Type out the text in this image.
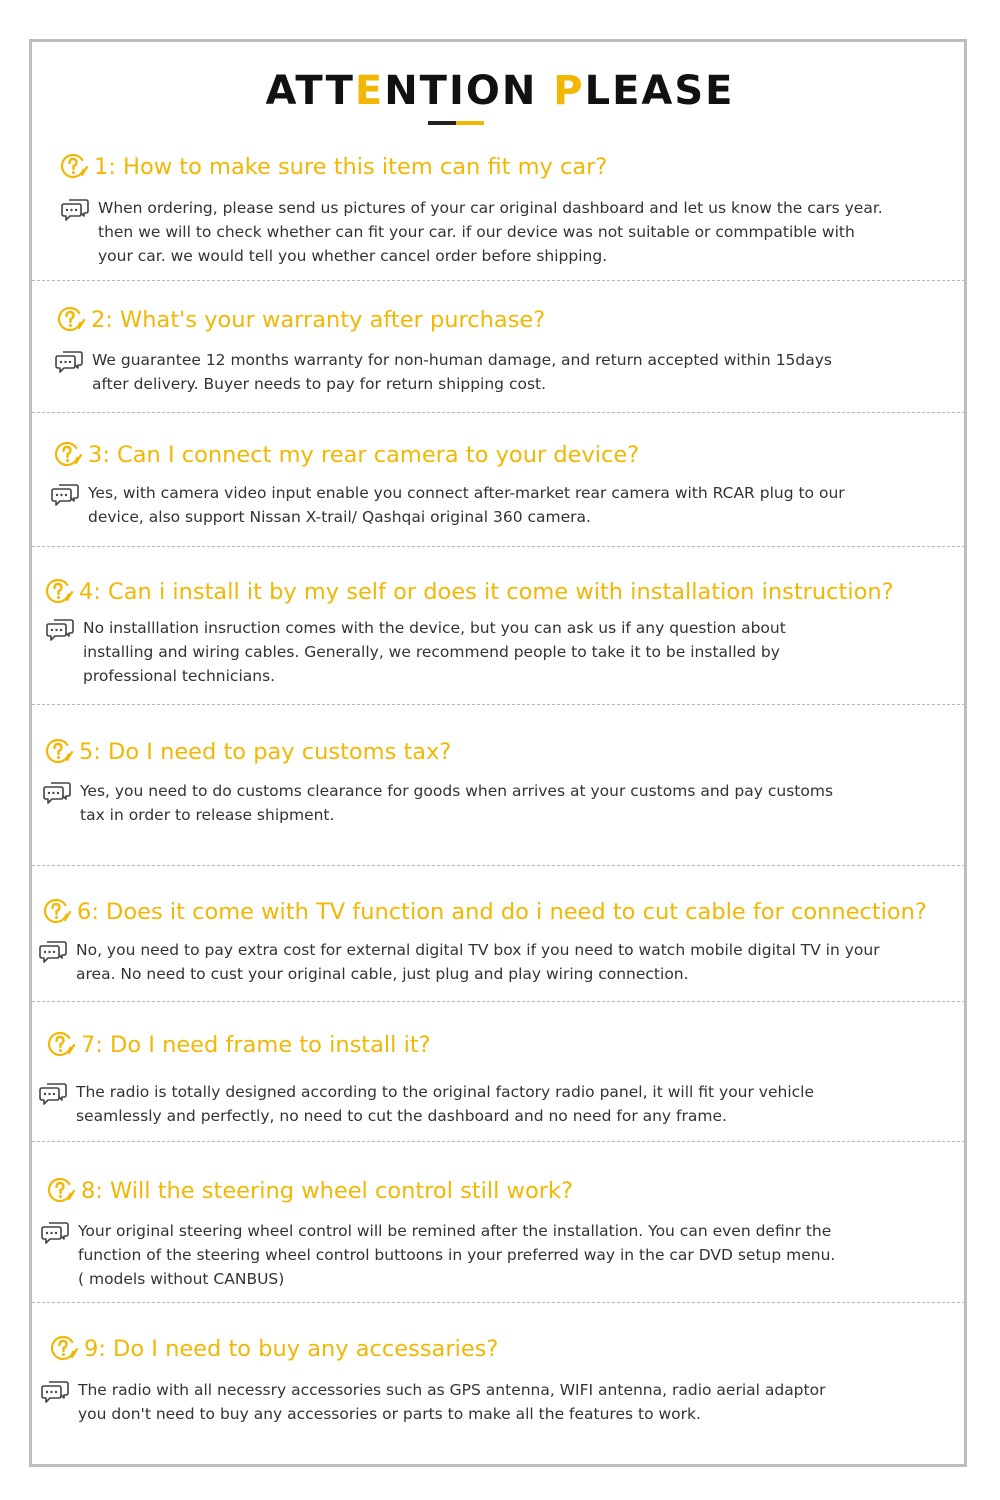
ATTENTION PLEASE
1: How to make sure this item can fit my car?
When ordering, please send us pictures of your car original dashboard and let us know the cars year.
then we will to check whether can fit your car. if our device was not suitable or commpatible with
your car. we would tell you whether cancel order before shipping.
2: What's your warranty after purchase?
We guarantee 12 months warranty for non-human damage, and return accepted within 15days
after delivery. Buyer needs to pay for return shipping cost.
3: Can I connect my rear camera to your device?
Yes, with camera video input enable you connect after-market rear camera with RCAR plug to our
device, also support Nissan X-trail/ Qashqai original 360 camera.
4: Can i install it by my self or does it come with installation instruction?
No installlation insruction comes with the device, but you can ask us if any question about
installing and wiring cables. Generally, we recommend people to take it to be installed by
professional technicians.
5: Do I need to pay customs tax?
Yes, you need to do customs clearance for goods when arrives at your customs and pay customs
tax in order to release shipment.
6: Does it come with TV function and do i need to cut cable for connection?
No, you need to pay extra cost for external digital TV box if you need to watch mobile digital TV in your
area. No need to cust your original cable, just plug and play wiring connection.
7: Do I need frame to install it?
The radio is totally designed according to the original factory radio panel, it will fit your vehicle
seamlessly and perfectly, no need to cut the dashboard and no need for any frame.
8: Will the steering wheel control still work?
Your original steering wheel control will be remined after the installation. You can even definr the
function of the steering wheel control buttoons in your preferred way in the car DVD setup menu.
( models without CANBUS)
9: Do I need to buy any accessaries?
The radio with all necessry accessories such as GPS antenna, WIFI antenna, radio aerial adaptor
you don't need to buy any accessories or parts to make all the features to work.
